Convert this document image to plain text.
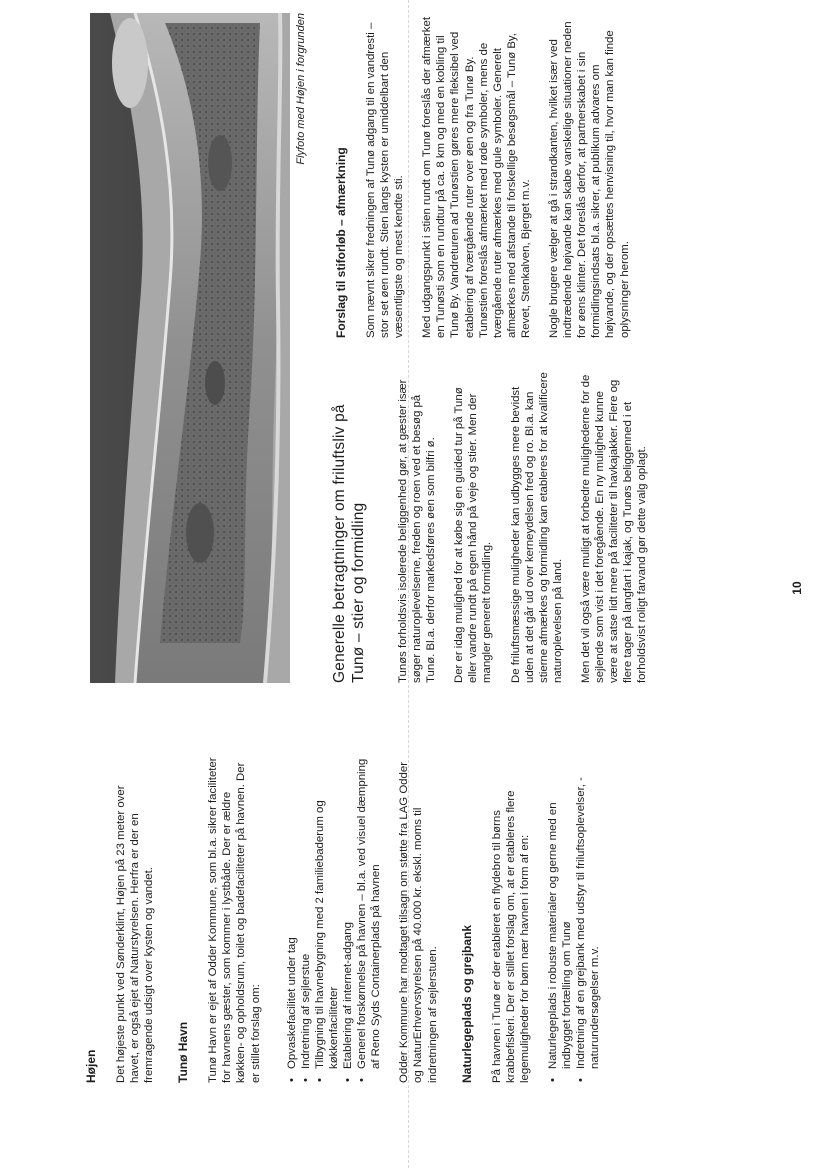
Højen Det højeste punkt ved Sønderklint, Højen på 23 meter over havet, er også ejet af Naturstyrelsen. Herfra er der en fremragende udsigt over kysten og vandet. Tunø Havn Tunø Havn er ejet af Odder Kommune, som bl.a. sikrer faciliteter for havnens gæster, som kommer i lystbåde. Der er ældre køkken- og opholdsrum, toilet og badefaciliteter på havnen. Der er stillet forslag om: • Opvaskefacilitet under tag • Indretning af sejlerstue • Tilbygning til havnebygning med 2 familiebaderum og køkkenfaciliteter • Etablering af internet-adgang • Generel forskønnelse på havnen – bl.a. ved visuel dæmpning af Reno Syds Containerplads på havnen Odder Kommune har modtaget tilsagn om støtte fra LAG Odder og NaturErhvervstyrelsen på 40.000 kr. ekskl. moms til indretningen af sejlerstuen. Naturlegeplads og grejbank På havnen i Tunø er der etableret en flydebro til børns krabbefiskeri. Der er stillet forslag om, at er etableres flere legemuligheder for børn nær havnen i form af en: • Naturlegeplads i robuste materialer og gerne med en indbygget fortælling om Tunø • Indretning af en grejbank med udstyr til friluftsoplevelser, -naturundersøgelser m.v.
Flyfoto med Højen i forgrunden
Generelle betragtninger om friluftsliv på Tunø – stier og formidling	Tunøs forholdsvis isolerede beliggenhed gør, at gæster især søger naturoplevelserne, freden og roen ved et besøg på Tunø. Bl.a. derfor markedsføres øen som bilfri ø. Der er idag mulighed for at købe sig en guided tur på Tunø eller vandre rundt på egen hånd på veje og stier. Men der mangler generelt formidling. De friluftsmæssige muligheder kan udbygges mere bevidst uden at det går ud over kerneydelsen fred og ro. Bl.a. kan stierne afmærkes og formidling kan etableres for at kvalificere naturoplevelsen på land. Men det vil også være muligt at forbedre mulighederne for de sejlende som vist i det foregående. En ny mulighed kunne være at satse lidt mere på faciliteter til havkajakker. Flere og flere tager på langfart i kajak, og Tunøs beliggenned i et forholdsvist roligt farvand gør dette valg oplagt.

Forslag til stiforløb – afmærkning Som nævnt sikrer fredningen af Tunø adgang til en vandresti – stor set øen rundt. Stien langs kysten er umiddelbart den væsentligste og mest kendte sti. Med udgangspunkt i stien rundt om Tunø foreslås der afmærket en Tunøsti som en rundtur på ca. 8 km og med en kobling til Tunø By. Vandreturen ad Tunøstien gøres mere fleksibel ved etablering af tværgående ruter over øen og fra Tunø By. Tunøstien foreslås afmærket med røde symboler, mens de tværgående ruter afmærkes med gule symboler. Generelt afmærkes med afstande til forskellige besøgsmål – Tunø By, Revet, Stenkalven, Bjerget m.v. Nogle brugere vælger at gå i strandkanten, hvilket især ved indtrædende højvande kan skabe vanskelige situationer neden for øens klinter. Det foreslås derfor, at partnerskabet i sin formidlingsindsats bl.a. sikrer, at publikum advares om højvande, og der opsættes henvisning til, hvor man kan finde oplysninger herom.

10
